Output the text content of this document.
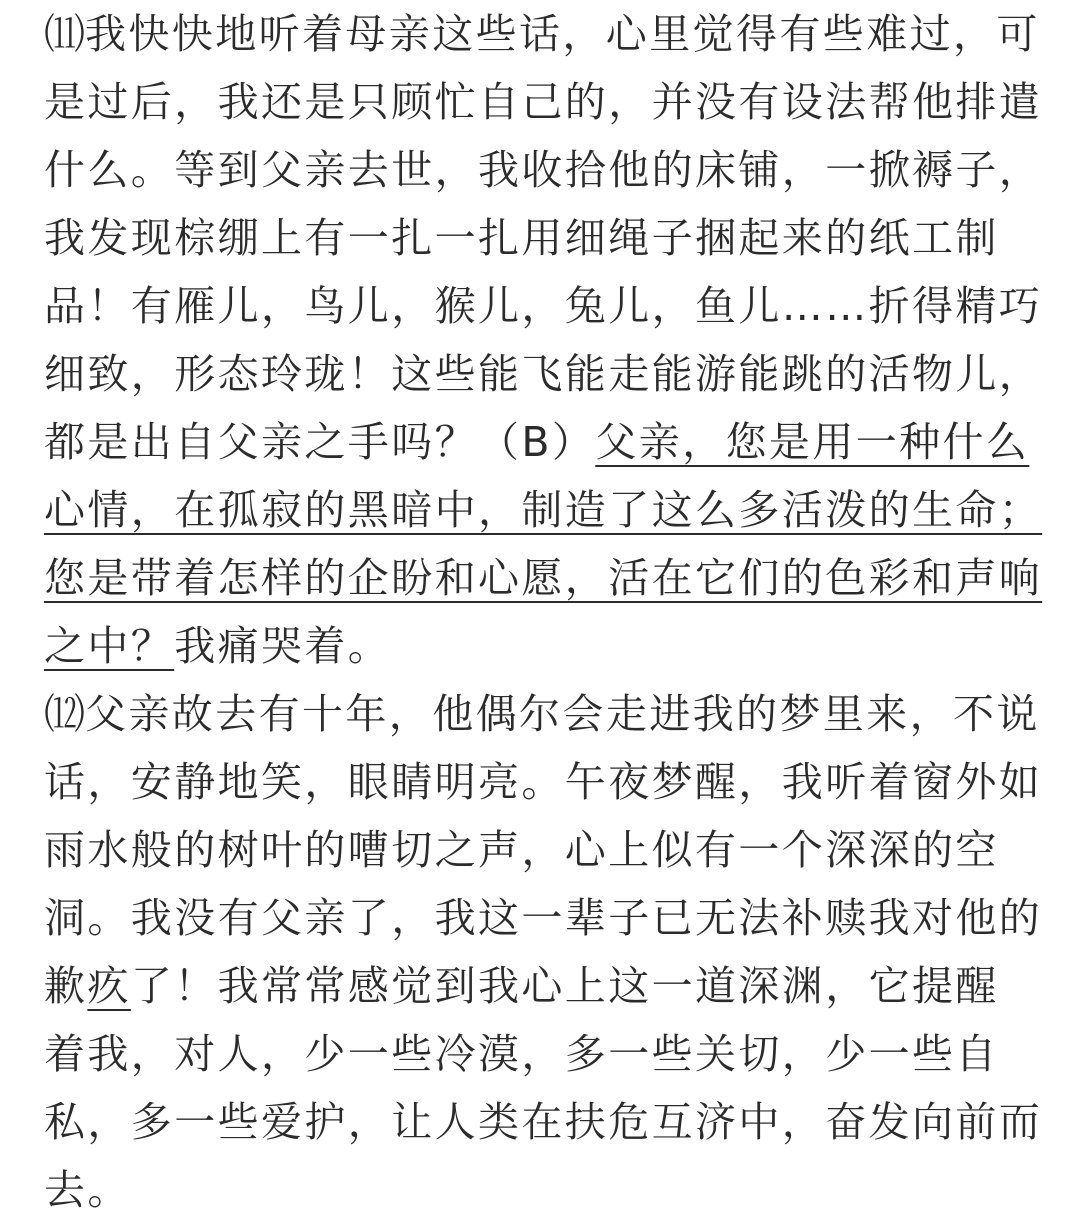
⑾我快快地听着母亲这些话，心里觉得有些难过，可
是过后，我还是只顾忙自己的，并没有设法帮他排遣
什么。等到父亲去世，我收拾他的床铺，一掀褥子，
我发现棕绷上有一扎一扎用细绳子捆起来的纸工制
品！有雁儿，鸟儿，猴儿，兔儿，鱼儿……折得精巧
细致，形态玲珑！这些能飞能走能游能跳的活物儿，
都是出自父亲之手吗？（B）父亲，您是用一种什么
心情，在孤寂的黑暗中，制造了这么多活泼的生命；
您是带着怎样的企盼和心愿，活在它们的色彩和声响
之中？我痛哭着。
⑿父亲故去有十年，他偶尔会走进我的梦里来，不说
话，安静地笑，眼睛明亮。午夜梦醒，我听着窗外如
雨水般的树叶的嘈切之声，心上似有一个深深的空
洞。我没有父亲了，我这一辈子已无法补赎我对他的
歉疚了！我常常感觉到我心上这一道深渊，它提醒
着我，对人，少一些冷漠，多一些关切，少一些自
私，多一些爱护，让人类在扶危互济中，奋发向前而
去。
